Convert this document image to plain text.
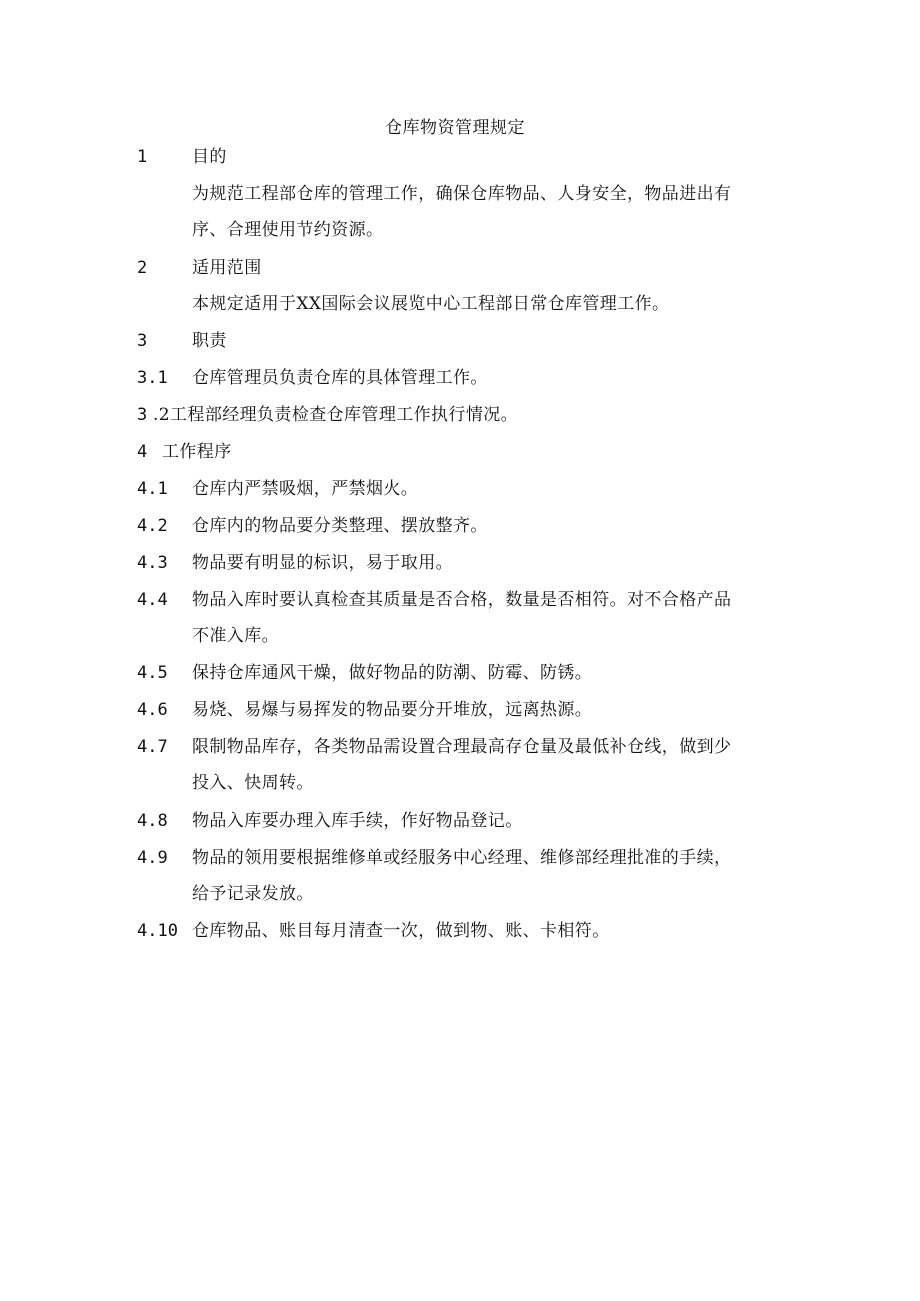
仓库物资管理规定
1	目的
为规范工程部仓库的管理工作，确保仓库物品、人身安全，物品进出有
序、合理使用节约资源。
2	适用范围
本规定适用于XX国际会议展览中心工程部日常仓库管理工作。
3	职责
3.1 仓库管理员负责仓库的具体管理工作。
3 .2工程部经理负责检查仓库管理工作执行情况。
4 工作程序
4.1 仓库内严禁吸烟，严禁烟火。
4.2 仓库内的物品要分类整理、摆放整齐。
4.3 物品要有明显的标识，易于取用。
4.4 物品入库时要认真检查其质量是否合格，数量是否相符。对不合格产品
不准入库。
4.5 保持仓库通风干燥，做好物品的防潮、防霉、防锈。
4.6 易烧、易爆与易挥发的物品要分开堆放，远离热源。
4.7 限制物品库存，各类物品需设置合理最高存仓量及最低补仓线，做到少
投入、快周转。
4.8 物品入库要办理入库手续，作好物品登记。
4.9 物品的领用要根据维修单或经服务中心经理、维修部经理批准的手续，
给予记录发放。
4.10 仓库物品、账目每月清查一次，做到物、账、卡相符。
